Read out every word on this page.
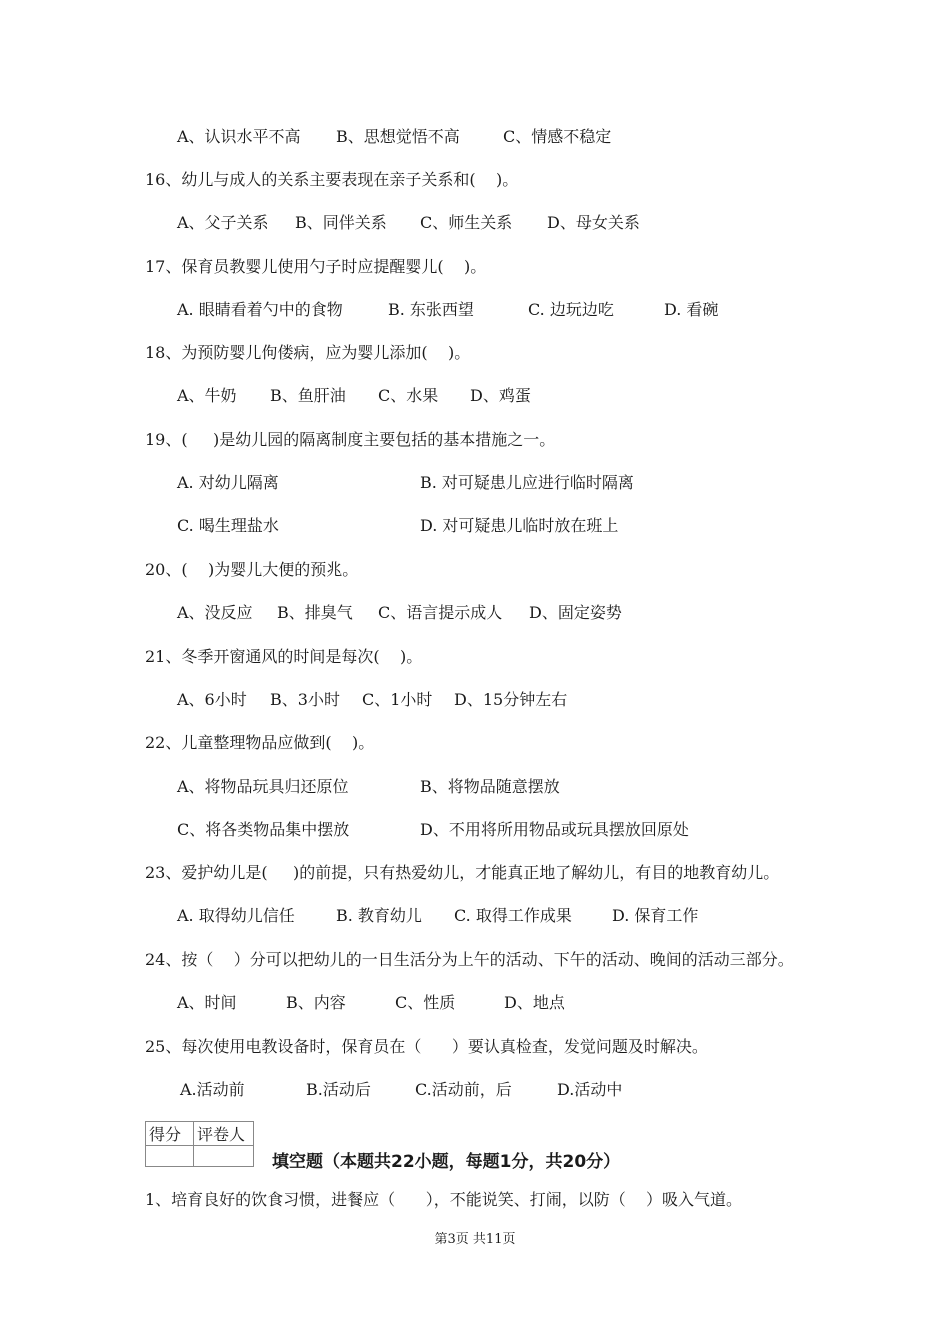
A、认识水平不高 B、思想觉悟不高	C、情感不稳定
16、幼儿与成人的关系主要表现在亲子关系和(    )。
A、父子关系 B、同伴关系 C、师生关系 D、母女关系
17、保育员教婴儿使用勺子时应提醒婴儿(    )。
A. 眼睛看着勺中的食物	B. 东张西望	C. 边玩边吃	D. 看碗
18、为预防婴儿佝偻病，应为婴儿添加(    )。
A、牛奶 B、鱼肝油 C、水果 D、鸡蛋
19、(     )是幼儿园的隔离制度主要包括的基本措施之一。
A. 对幼儿隔离	B. 对可疑患儿应进行临时隔离
C. 喝生理盐水	D. 对可疑患儿临时放在班上
20、(    )为婴儿大便的预兆。
A、没反应 B、排臭气 C、语言提示成人 D、固定姿势
21、冬季开窗通风的时间是每次(    )。
A、6小时 B、3小时 C、1小时 D、15分钟左右
22、儿童整理物品应做到(    )。
A、将物品玩具归还原位	B、将物品随意摆放
C、将各类物品集中摆放	D、不用将所用物品或玩具摆放回原处
23、爱护幼儿是(     )的前提，只有热爱幼儿，才能真正地了解幼儿，有目的地教育幼儿。
A. 取得幼儿信任	B. 教育幼儿 C. 取得工作成果	D. 保育工作
24、按（    ）分可以把幼儿的一日生活分为上午的活动、下午的活动、晚间的活动三部分。
A、时间	B、内容	C、性质	D、地点
25、每次使用电教设备时，保育员在（      ）要认真检查，发觉问题及时解决。
A.活动前	B.活动后	C.活动前，后	D.活动中
得分	评卷人

填空题（本题共22小题，每题1分，共20分）
1、培育良好的饮食习惯，进餐应（      ），不能说笑、打闹，以防（    ）吸入气道。
第3页 共11页
